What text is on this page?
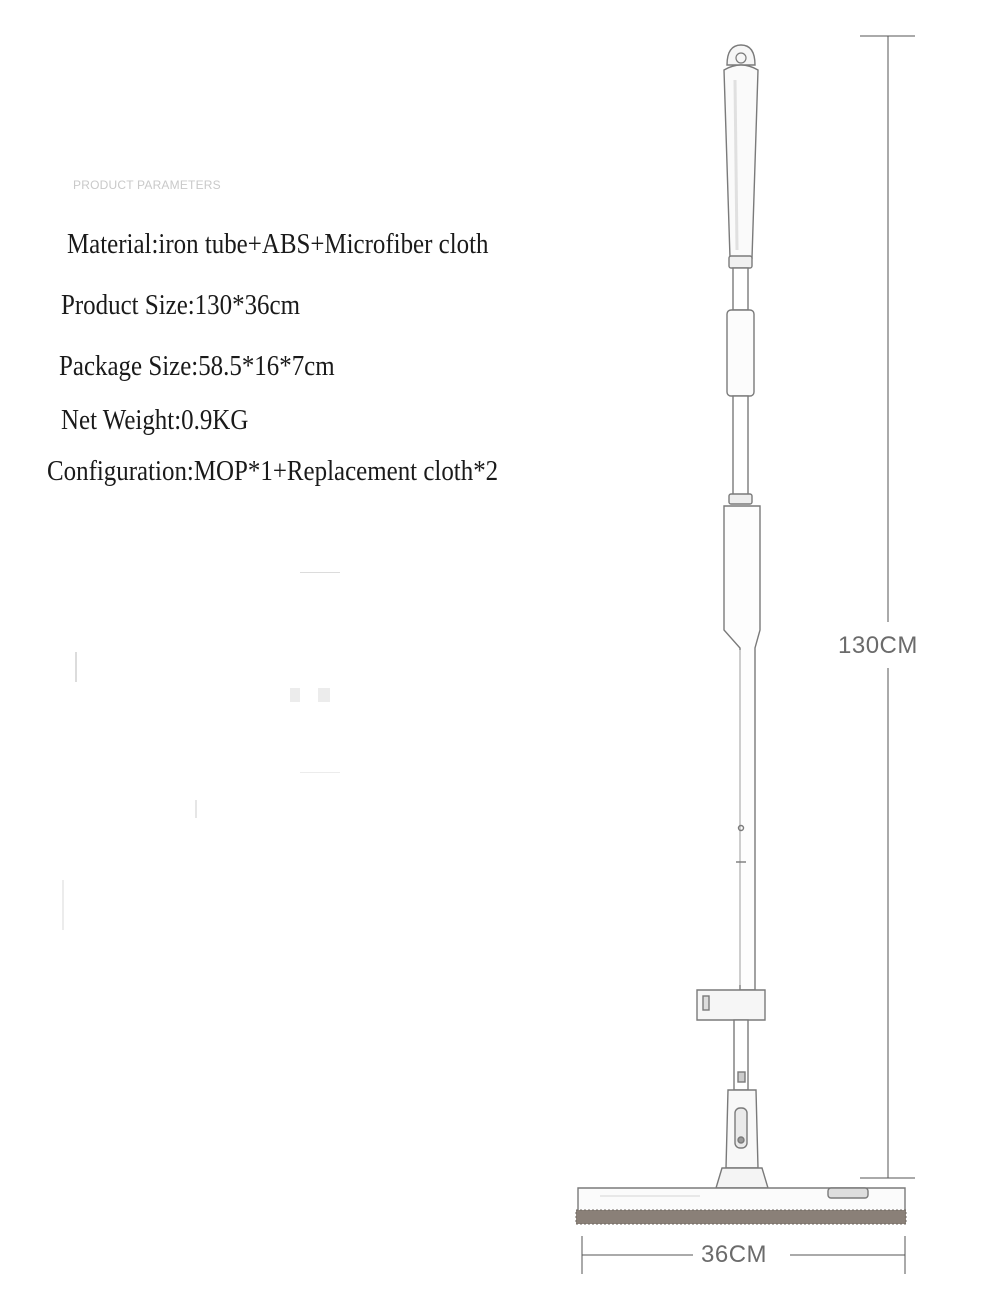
PRODUCT PARAMETERS
Material:iron tube+ABS+Microfiber cloth
Product Size:130*36cm
Package Size:58.5*16*7cm
Net Weight:0.9KG
Configuration:MOP*1+Replacement cloth*2
130CM
36CM
